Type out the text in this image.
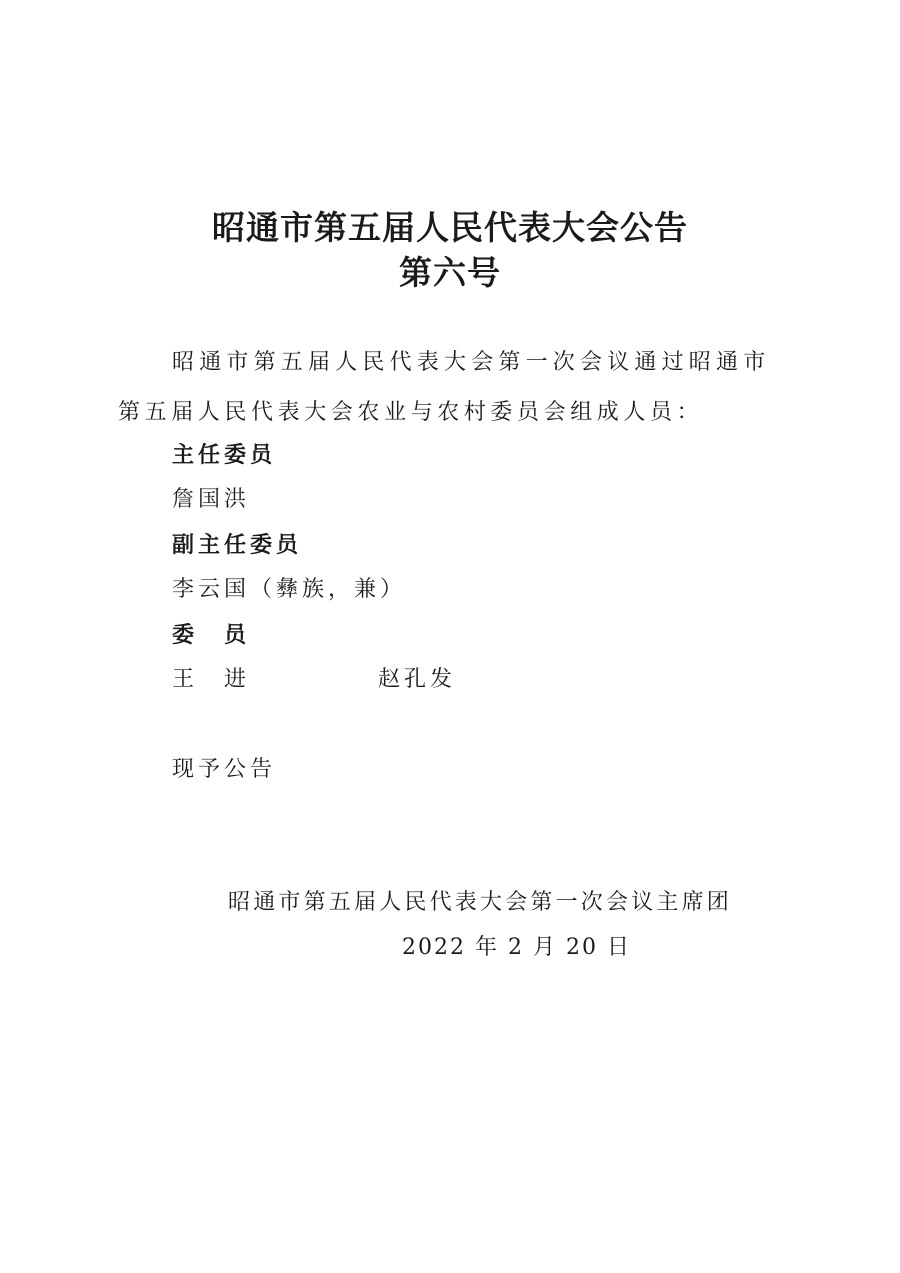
昭通市第五届人民代表大会公告
第六号
昭通市第五届人民代表大会第一次会议通过昭通市
第五届人民代表大会农业与农村委员会组成人员：
主任委员
詹国洪
副主任委员
李云国（彝族，兼）
委　员
王　进	赵孔发
现予公告
昭通市第五届人民代表大会第一次会议主席团
2022 年 2 月 20 日
